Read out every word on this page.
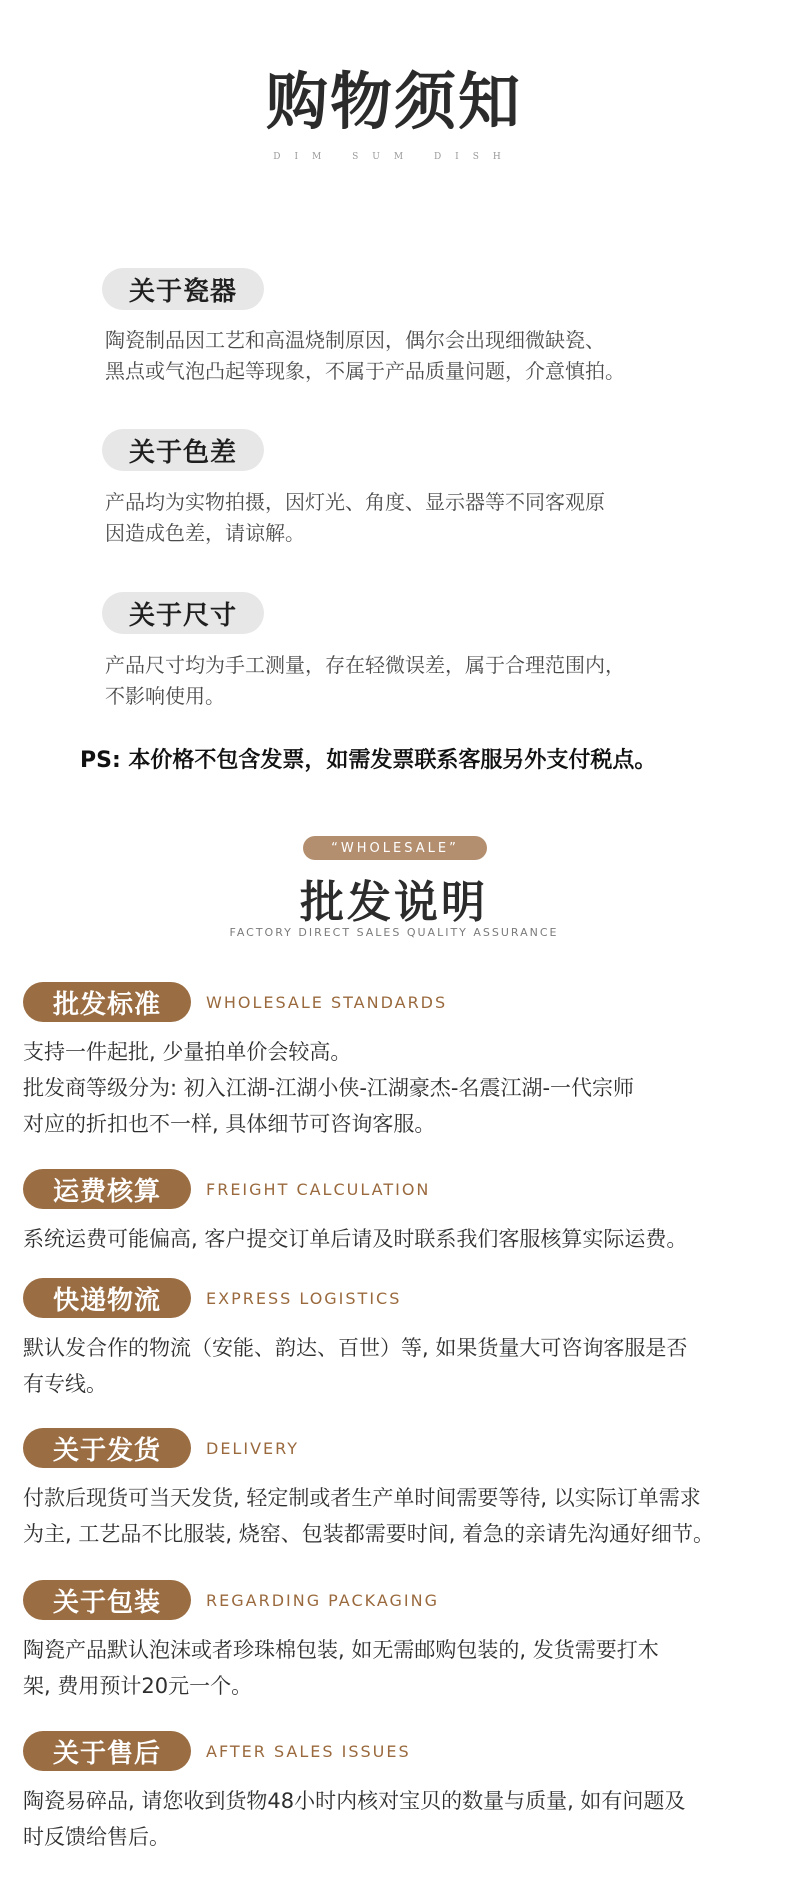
购物须知
DIM SUM DISH
关于瓷器
陶瓷制品因工艺和高温烧制原因，偶尔会出现细微缺瓷、
黑点或气泡凸起等现象，不属于产品质量问题，介意慎拍。
关于色差
产品均为实物拍摄，因灯光、角度、显示器等不同客观原
因造成色差，请谅解。
关于尺寸
产品尺寸均为手工测量，存在轻微误差，属于合理范围内，
不影响使用。
PS: 本价格不包含发票，如需发票联系客服另外支付税点。
“WHOLESALE”
批发说明
FACTORY DIRECT SALES QUALITY ASSURANCE
批发标准	WHOLESALE STANDARDS
支持一件起批, 少量拍单价会较高。
批发商等级分为: 初入江湖-江湖小侠-江湖豪杰-名震江湖-一代宗师
对应的折扣也不一样, 具体细节可咨询客服。
运费核算	FREIGHT CALCULATION
系统运费可能偏高, 客户提交订单后请及时联系我们客服核算实际运费。
快递物流	EXPRESS LOGISTICS
默认发合作的物流（安能、韵达、百世）等, 如果货量大可咨询客服是否
有专线。
关于发货	DELIVERY
付款后现货可当天发货, 轻定制或者生产单时间需要等待, 以实际订单需求
为主, 工艺品不比服装, 烧窑、包装都需要时间, 着急的亲请先沟通好细节。
关于包装	REGARDING PACKAGING
陶瓷产品默认泡沫或者珍珠棉包装, 如无需邮购包装的, 发货需要打木
架, 费用预计20元一个。
关于售后	AFTER SALES ISSUES
陶瓷易碎品, 请您收到货物48小时内核对宝贝的数量与质量, 如有问题及
时反馈给售后。
